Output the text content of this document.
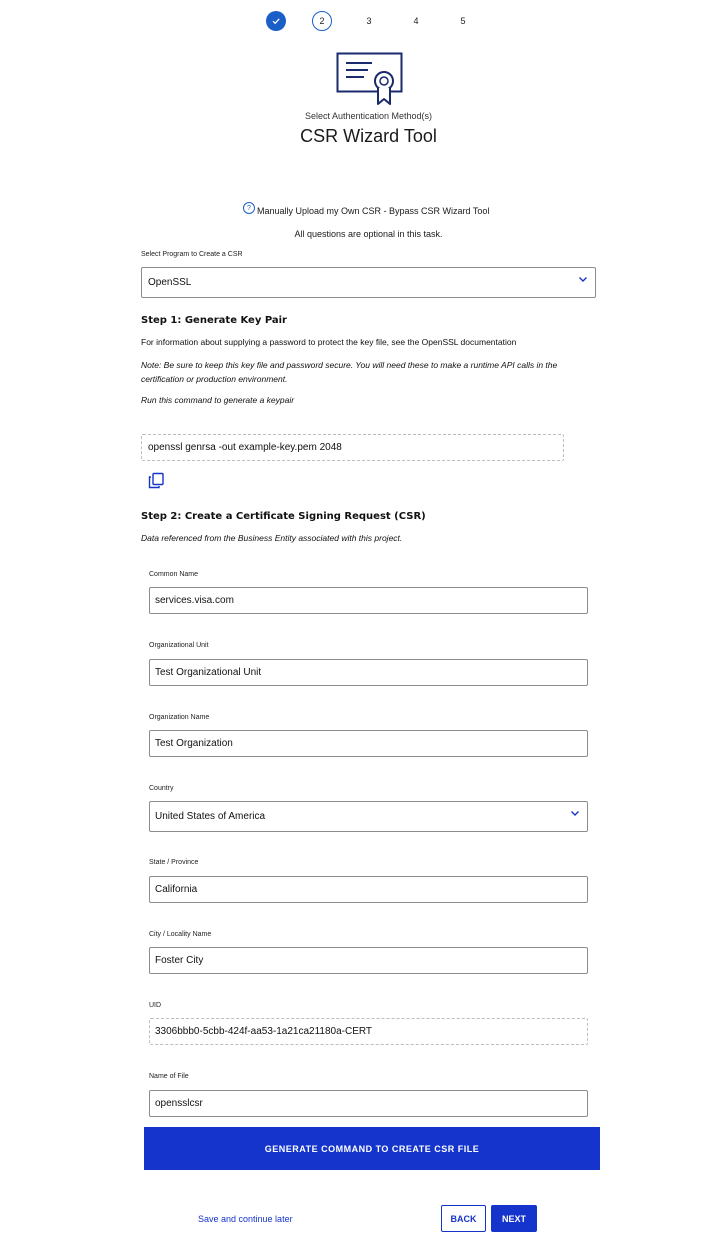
2	3	4	5
Select Authentication Method(s)
CSR Wizard Tool
? Manually Upload my Own CSR - Bypass CSR Wizard Tool
All questions are optional in this task.
Select Program to Create a CSR
OpenSSL
Step 1: Generate Key Pair
For information about supplying a password to protect the key file, see the OpenSSL documentation
Note: Be sure to keep this key file and password secure. You will need these to make a runtime API calls in the certification or production environment.
Run this command to generate a keypair
openssl genrsa -out example-key.pem 2048
Step 2: Create a Certificate Signing Request (CSR)
Data referenced from the Business Entity associated with this project.
Common Name
services.visa.com
Organizational Unit
Test Organizational Unit
Organization Name
Test Organization
Country
United States of America
State / Province
California
City / Locality Name
Foster City
UID
3306bbb0-5cbb-424f-aa53-1a21ca21180a-CERT
Name of File
opensslcsr
GENERATE COMMAND TO CREATE CSR FILE
Save and continue later	BACK	NEXT
